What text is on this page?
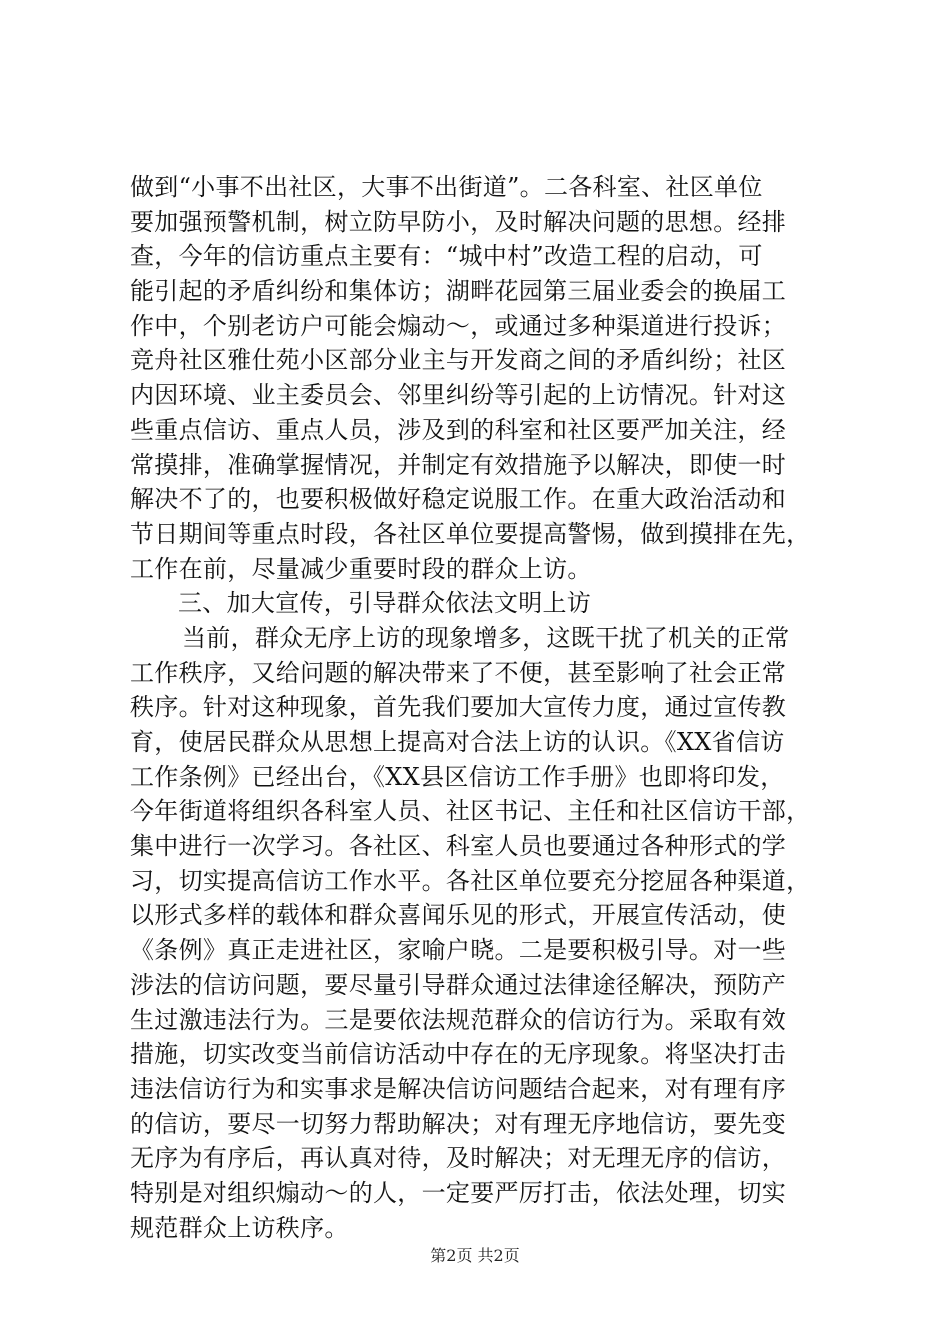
做到“小事不出社区，大事不出街道”。二各科室、社区单位
要加强预警机制，树立防早防小，及时解决问题的思想。经排
查，今年的信访重点主要有：“城中村”改造工程的启动，可
能引起的矛盾纠纷和集体访；湖畔花园第三届业委会的换届工
作中，个别老访户可能会煽动～，或通过多种渠道进行投诉；
竞舟社区雅仕苑小区部分业主与开发商之间的矛盾纠纷；社区
内因环境、业主委员会、邻里纠纷等引起的上访情况。针对这
些重点信访、重点人员，涉及到的科室和社区要严加关注，经
常摸排，准确掌握情况，并制定有效措施予以解决，即使一时
解决不了的，也要积极做好稳定说服工作。在重大政治活动和
节日期间等重点时段，各社区单位要提高警惕，做到摸排在先，
工作在前，尽量减少重要时段的群众上访。
三、加大宣传，引导群众依法文明上访
当前，群众无序上访的现象增多，这既干扰了机关的正常
工作秩序，又给问题的解决带来了不便，甚至影响了社会正常
秩序。针对这种现象，首先我们要加大宣传力度，通过宣传教
育，使居民群众从思想上提高对合法上访的认识。《XX省信访
工作条例》已经出台，《XX县区信访工作手册》也即将印发，
今年街道将组织各科室人员、社区书记、主任和社区信访干部，
集中进行一次学习。各社区、科室人员也要通过各种形式的学
习，切实提高信访工作水平。各社区单位要充分挖屈各种渠道，
以形式多样的载体和群众喜闻乐见的形式，开展宣传活动，使
《条例》真正走进社区，家喻户晓。二是要积极引导。对一些
涉法的信访问题，要尽量引导群众通过法律途径解决，预防产
生过激违法行为。三是要依法规范群众的信访行为。采取有效
措施，切实改变当前信访活动中存在的无序现象。将坚决打击
违法信访行为和实事求是解决信访问题结合起来，对有理有序
的信访，要尽一切努力帮助解决；对有理无序地信访，要先变
无序为有序后，再认真对待，及时解决；对无理无序的信访，
特别是对组织煽动～的人，一定要严厉打击，依法处理，切实
规范群众上访秩序。
第2页 共2页
